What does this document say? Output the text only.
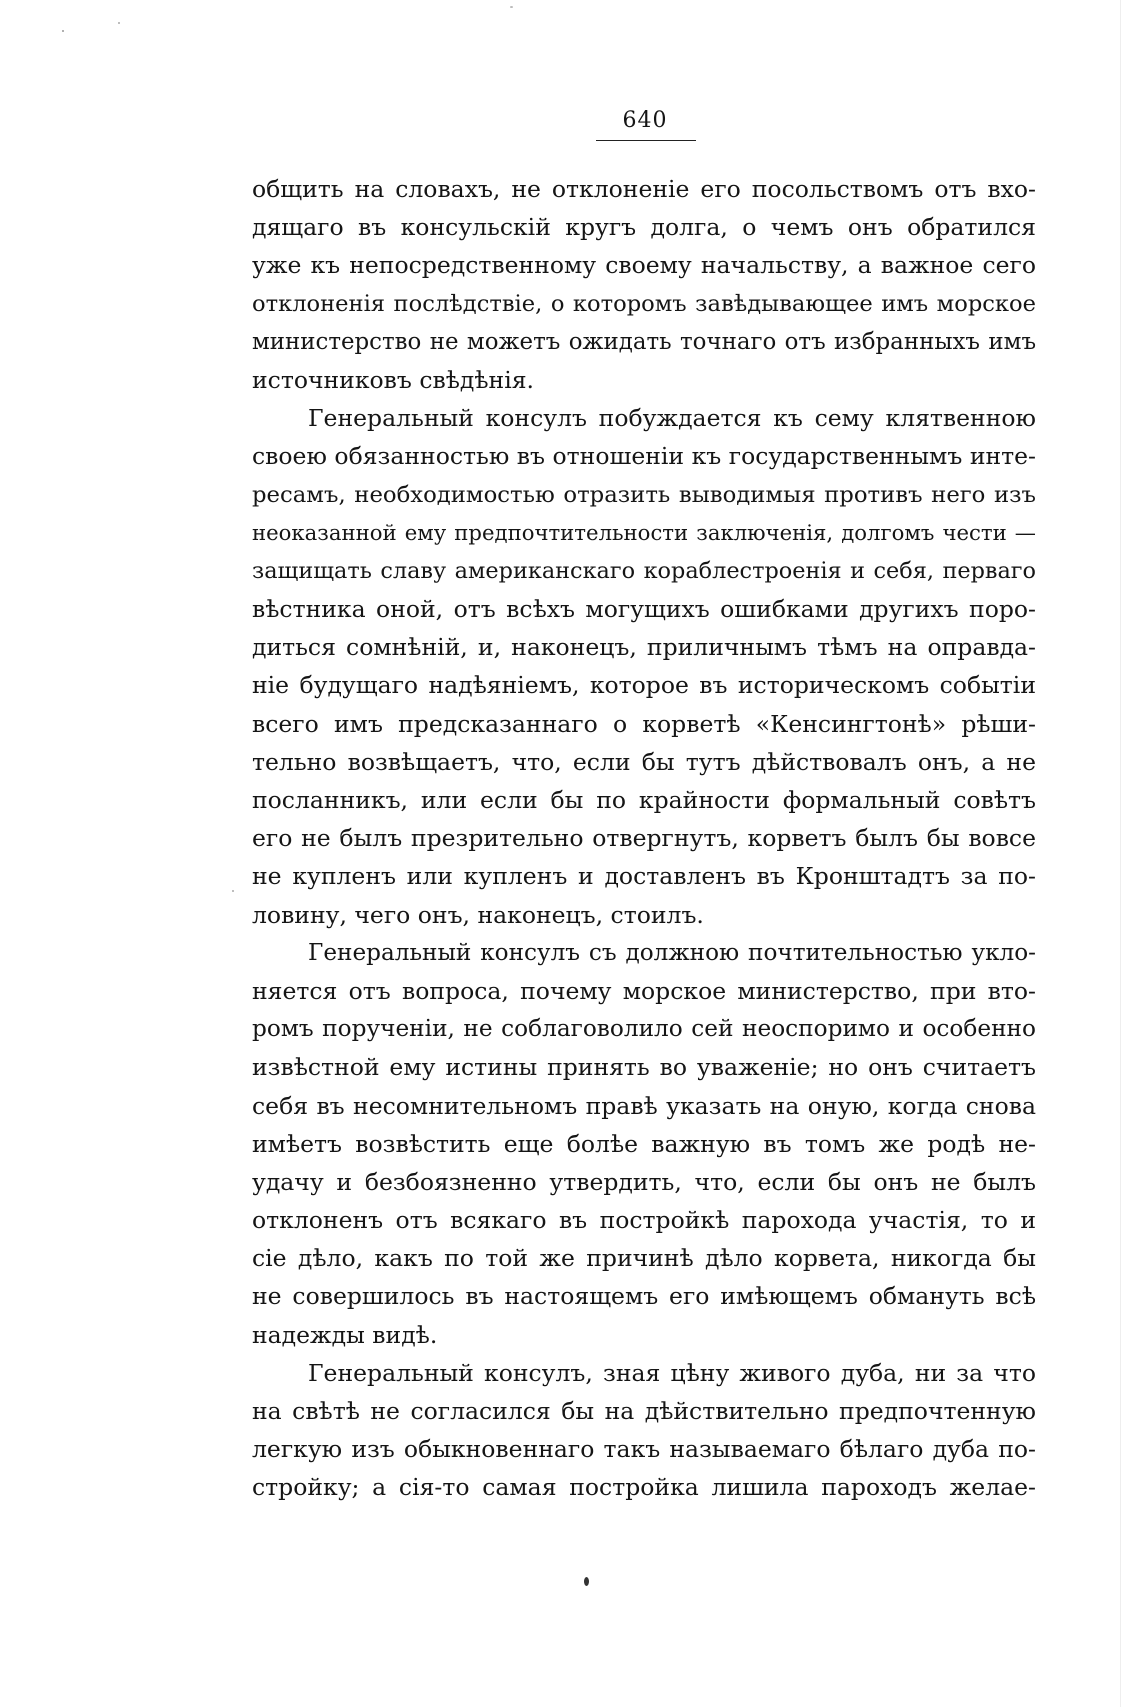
640
общить на словахъ, не отклоненіе его посольствомъ отъ вхо-
дящаго въ консульскій кругъ долга, о чемъ онъ обратился
уже къ непосредственному своему начальству, а важное сего
отклоненія послѣдствіе, о которомъ завѣдывающее имъ морское
министерство не можетъ ожидать точнаго отъ избранныхъ имъ
источниковъ свѣдѣнія.
Генеральный консулъ побуждается къ сему клятвенною
своею обязанностью въ отношеніи къ государственнымъ инте-
ресамъ, необходимостью отразить выводимыя противъ него изъ
неоказанной ему предпочтительности заключенія, долгомъ чести —
защищать славу американскаго кораблестроенія и себя, перваго
вѣстника оной, отъ всѣхъ могущихъ ошибками другихъ поро-
диться сомнѣній, и, наконецъ, приличнымъ тѣмъ на оправда-
ніе будущаго надѣяніемъ, которое въ историческомъ событіи
всего имъ предсказаннаго о корветѣ «Кенсингтонѣ» рѣши-
тельно возвѣщаетъ, что, если бы тутъ дѣйствовалъ онъ, а не
посланникъ, или если бы по крайности формальный совѣтъ
его не былъ презрительно отвергнутъ, корветъ былъ бы вовсе
не купленъ или купленъ и доставленъ въ Кронштадтъ за по-
ловину, чего онъ, наконецъ, стоилъ.
Генеральный консулъ съ должною почтительностью укло-
няется отъ вопроса, почему морское министерство, при вто-
ромъ порученіи, не соблаговолило сей неоспоримо и особенно
извѣстной ему истины принять во уваженіе; но онъ считаетъ
себя въ несомнительномъ правѣ указать на оную, когда снова
имѣетъ возвѣстить еще болѣе важную въ томъ же родѣ не-
удачу и безбоязненно утвердить, что, если бы онъ не былъ
отклоненъ отъ всякаго въ постройкѣ парохода участія, то и
сіе дѣло, какъ по той же причинѣ дѣло корвета, никогда бы
не совершилось въ настоящемъ его имѣющемъ обмануть всѣ
надежды видѣ.
Генеральный консулъ, зная цѣну живого дуба, ни за что
на свѣтѣ не согласился бы на дѣйствительно предпочтенную
легкую изъ обыкновеннаго такъ называемаго бѣлаго дуба по-
стройку; а сія-то самая постройка лишила пароходъ желае-
